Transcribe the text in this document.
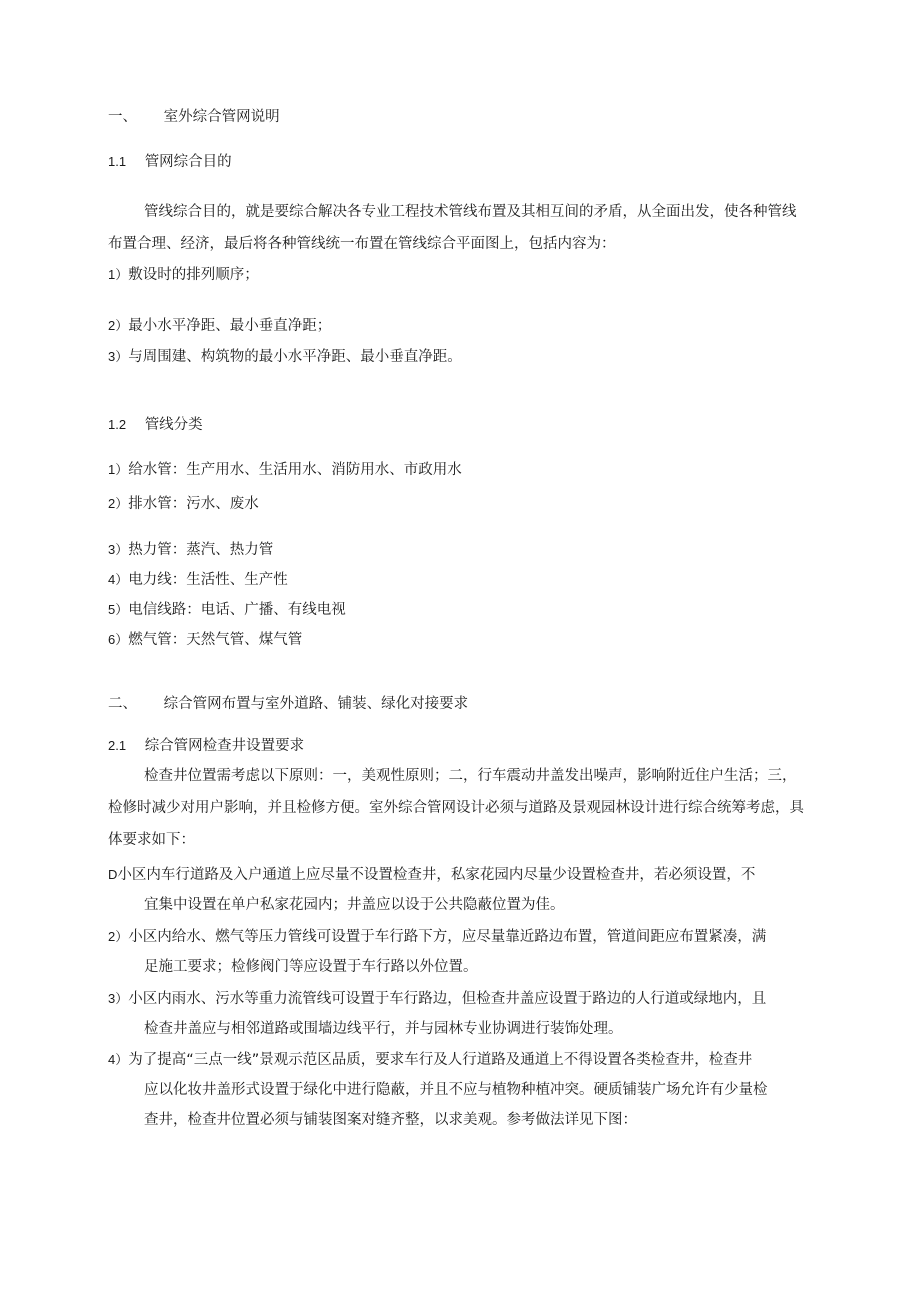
一、 室外综合管网说明
1.1 管网综合目的
管线综合目的，就是要综合解决各专业工程技术管线布置及其相互间的矛盾，从全面出发，使各种管线布置合理、经济，最后将各种管线统一布置在管线综合平面图上，包括内容为：
1）敷设时的排列顺序；
2）最小水平净距、最小垂直净距；
3）与周围建、构筑物的最小水平净距、最小垂直净距。
1.2 管线分类
1）给水管：生产用水、生活用水、消防用水、市政用水
2）排水管：污水、废水
3）热力管：蒸汽、热力管
4）电力线：生活性、生产性
5）电信线路：电话、广播、有线电视
6）燃气管：天然气管、煤气管
二、 综合管网布置与室外道路、铺装、绿化对接要求
2.1 综合管网检查井设置要求
检查井位置需考虑以下原则：一，美观性原则；二，行车震动井盖发出噪声，影响附近住户生活；三，检修时减少对用户影响，并且检修方便。室外综合管网设计必须与道路及景观园林设计进行综合统筹考虑，具体要求如下：
D小区内车行道路及入户通道上应尽量不设置检查井，私家花园内尽量少设置检查井，若必须设置，不
宜集中设置在单户私家花园内；井盖应以设于公共隐蔽位置为佳。
2）小区内给水、燃气等压力管线可设置于车行路下方，应尽量靠近路边布置，管道间距应布置紧凑，满
足施工要求；检修阀门等应设置于车行路以外位置。
3）小区内雨水、污水等重力流管线可设置于车行路边，但检查井盖应设置于路边的人行道或绿地内，且
检查井盖应与相邻道路或围墙边线平行，并与园林专业协调进行装饰处理。
4）为了提高“三点一线”景观示范区品质，要求车行及人行道路及通道上不得设置各类检查井，检查井
应以化妆井盖形式设置于绿化中进行隐蔽，并且不应与植物种植冲突。硬质铺装广场允许有少量检
查井，检查井位置必须与铺装图案对缝齐整，以求美观。参考做法详见下图：
